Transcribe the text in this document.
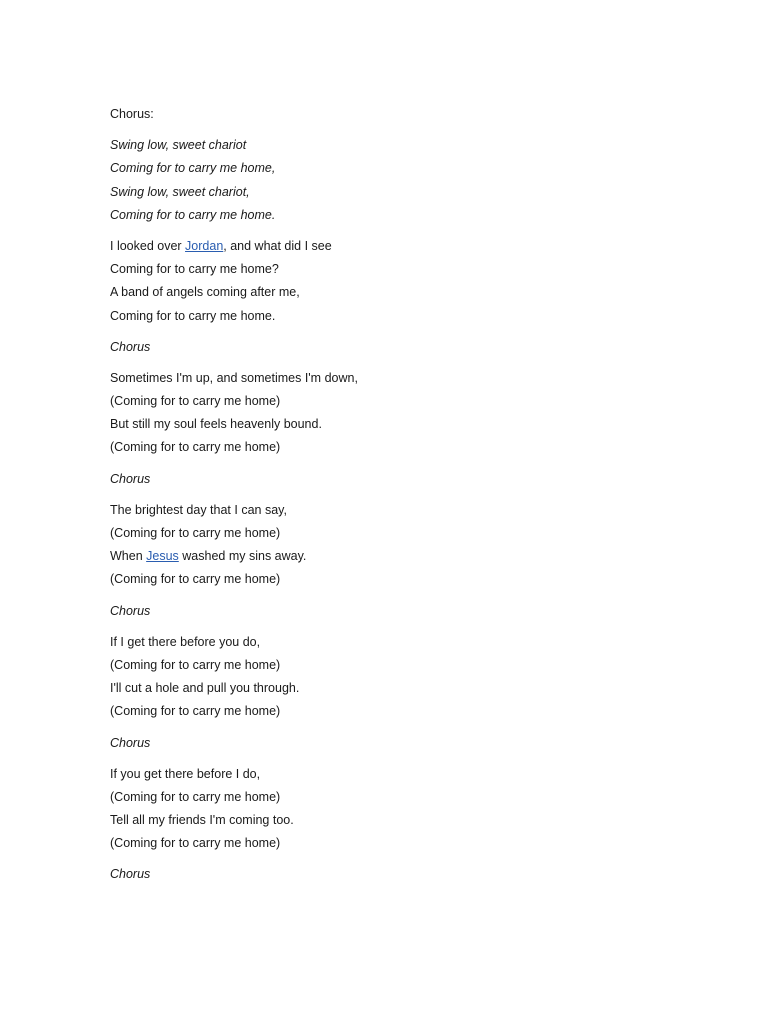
Chorus:
Swing low, sweet chariot
Coming for to carry me home,
Swing low, sweet chariot,
Coming for to carry me home.
I looked over Jordan, and what did I see
Coming for to carry me home?
A band of angels coming after me,
Coming for to carry me home.
Chorus
Sometimes I'm up, and sometimes I'm down,
(Coming for to carry me home)
But still my soul feels heavenly bound.
(Coming for to carry me home)
Chorus
The brightest day that I can say,
(Coming for to carry me home)
When Jesus washed my sins away.
(Coming for to carry me home)
Chorus
If I get there before you do,
(Coming for to carry me home)
I'll cut a hole and pull you through.
(Coming for to carry me home)
Chorus
If you get there before I do,
(Coming for to carry me home)
Tell all my friends I'm coming too.
(Coming for to carry me home)
Chorus
